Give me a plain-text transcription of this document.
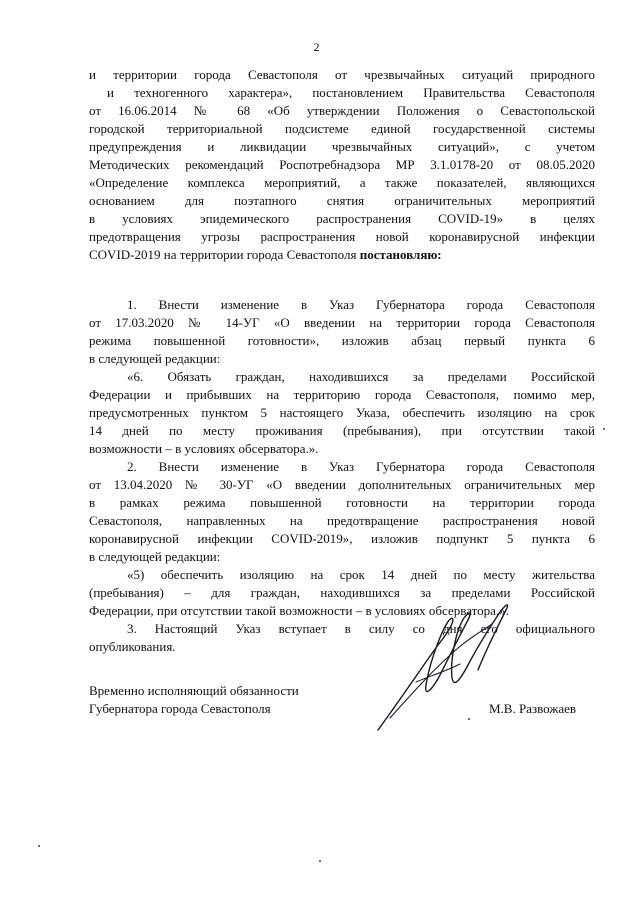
2
и территории города Севастополя от чрезвычайных ситуаций природного
и техногенного характера», постановлением Правительства Севастополя
от 16.06.2014 № 68 «Об утверждении Положения о Севастопольской
городской территориальной подсистеме единой государственной системы
предупреждения и ликвидации чрезвычайных ситуаций», с учетом
Методических рекомендаций Роспотребнадзора МР 3.1.0178-20 от 08.05.2020
«Определение комплекса мероприятий, а также показателей, являющихся
основанием для поэтапного снятия ограничительных мероприятий
в условиях эпидемического распространения COVID-19» в целях
предотвращения угрозы распространения новой коронавирусной инфекции
COVID-2019 на территории города Севастополя постановляю:
1. Внести изменение в Указ Губернатора города Севастополя
от 17.03.2020 № 14-УГ «О введении на территории города Севастополя
режима повышенной готовности», изложив абзац первый пункта 6
в следующей редакции:
«6. Обязать граждан, находившихся за пределами Российской
Федерации и прибывших на территорию города Севастополя, помимо мер,
предусмотренных пунктом 5 настоящего Указа, обеспечить изоляцию на срок
14 дней по месту проживания (пребывания), при отсутствии такой
возможности – в условиях обсерватора.».
2. Внести изменение в Указ Губернатора города Севастополя
от 13.04.2020 № 30-УГ «О введении дополнительных ограничительных мер
в рамках режима повышенной готовности на территории города
Севастополя, направленных на предотвращение распространения новой
коронавирусной инфекции COVID-2019», изложив подпункт 5 пункта 6
в следующей редакции:
«5) обеспечить изоляцию на срок 14 дней по месту жительства
(пребывания) – для граждан, находившихся за пределами Российской
Федерации, при отсутствии такой возможности – в условиях обсерватора.».
3. Настоящий Указ вступает в силу со дня его официального
опубликования.
Временно исполняющий обязанности
Губернатора города Севастополя	М.В. Развожаев
